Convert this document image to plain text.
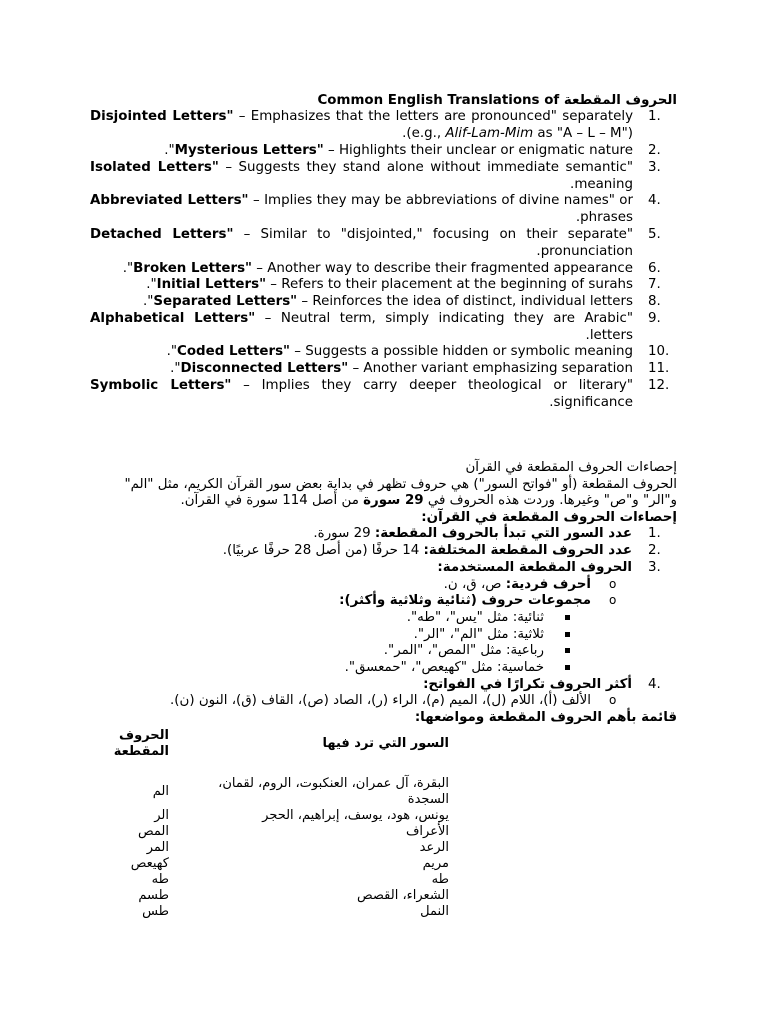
Common English Translations of الحروف المقطعة
1.
Disjointed Letters" – Emphasizes that the letters are pronounced" separately (e.g., Alif-Lam-Mim as "A – L – M").
2.
Mysterious Letters" – Highlights their unclear or enigmatic nature".
3.
Isolated Letters" – Suggests they stand alone without immediate semantic" meaning.
4.
Abbreviated Letters" – Implies they may be abbreviations of divine names" or phrases.
5.
Detached Letters" – Similar to "disjointed," focusing on their separate" pronunciation.
6.
Broken Letters" – Another way to describe their fragmented appearance".
7.
Initial Letters" – Refers to their placement at the beginning of surahs".
8.
Separated Letters" – Reinforces the idea of distinct, individual letters".
9.
Alphabetical Letters" – Neutral term, simply indicating they are Arabic" letters.
10.
Coded Letters" – Suggests a possible hidden or symbolic meaning".
11.
Disconnected Letters" – Another variant emphasizing separation".
12.
Symbolic Letters" – Implies they carry deeper theological or literary" significance.
إحصاءات الحروف المقطعة في القرآن
الحروف المقطعة (أو "فواتح السور") هي حروف تظهر في بداية بعض سور القرآن الكريم، مثل "الم"
و"الر" و"ص" وغيرها. وردت هذه الحروف في 29 سورة من أصل 114 سورة في القرآن.
إحصاءات الحروف المقطعة في القرآن:
1.
عدد السور التي تبدأ بالحروف المقطعة: 29 سورة.
2.
عدد الحروف المقطعة المختلفة: 14 حرفًا (من أصل 28 حرفًا عربيًا).
3.
الحروف المقطعة المستخدمة:
o
أحرف فردية: ص، ق، ن.
o
مجموعات حروف (ثنائية وثلاثية وأكثر):
ثنائية: مثل "يس"، "طه".
ثلاثية: مثل "الم"، "الر".
رباعية: مثل "المص"، "المر".
خماسية: مثل "كهيعص"، "حمعسق".
4.
أكثر الحروف تكرارًا في الفواتح:
o
الألف (أ)، اللام (ل)، الميم (م)، الراء (ر)، الصاد (ص)، القاف (ق)، النون (ن).
قائمة بأهم الحروف المقطعة ومواضعها:
السور التي ترد فيها	الحروف المقطعة
البقرة، آل عمران، العنكبوت، الروم، لقمان، السجدة	الم
يونس، هود، يوسف، إبراهيم، الحجر	الر
الأعراف	المص
الرعد	المر
مريم	كهيعص
طه	طه
الشعراء، القصص	طسم
النمل	طس
